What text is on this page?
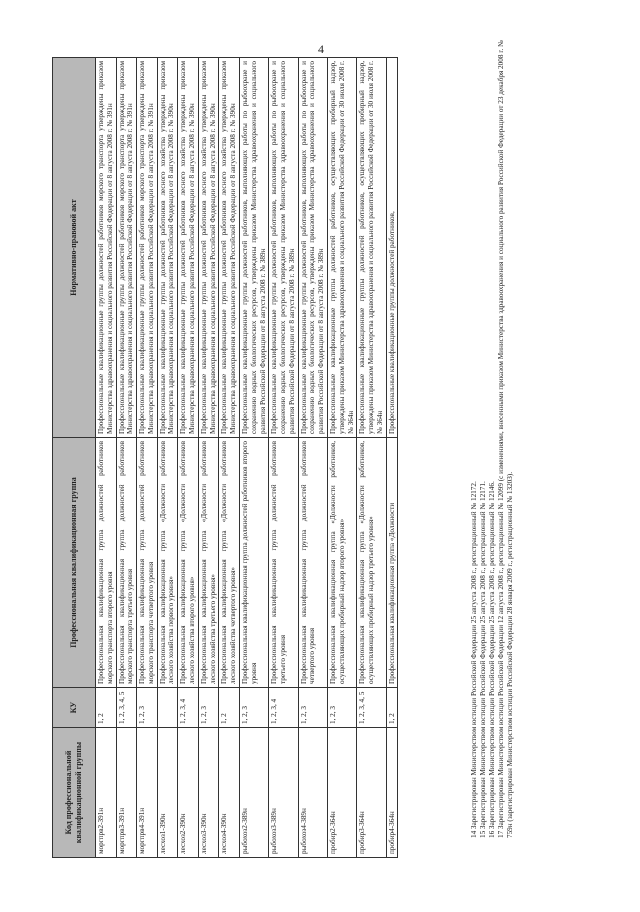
4
Код профессиональной квалификационной группы	КУ	Профессиональная квалификационная группа	Нормативно-правовой акт
моргпрв2-391н	1, 2	Профессиональная квалификационная группа должностей работников морского транспорта второго уровня	Профессиональные квалификационные группы должностей работников морского транспорта утверждены приказом Министерства здравоохранения и социального развития Российской Федерации от 8 августа 2008 г. № 391н
моргпрв3-391н	1, 2, 3, 4, 5	Профессиональная квалификационная группа должностей работников морского транспорта третьего уровня	Профессиональные квалификационные группы должностей работников морского транспорта утверждены приказом Министерства здравоохранения и социального развития Российской Федерации от 8 августа 2008 г. № 391н
моргпрв4-391н	1, 2, 3	Профессиональная квалификационная группа должностей работников морского транспорта четвертого уровня	Профессиональные квалификационные группы должностей работников морского транспорта утверждены приказом Министерства здравоохранения и социального развития Российской Федерации от 8 августа 2008 г. № 391н
лесхоз1-390н		Профессиональная квалификационная группа «Должности работников лесного хозяйства первого уровня»	Профессиональные квалификационные группы должностей работников лесного хозяйства утверждены приказом Министерства здравоохранения и социального развития Российской Федерации от 8 августа 2008 г. № 390н
лесхоз2-390н	1, 2, 3, 4	Профессиональная квалификационная группа «Должности работников лесного хозяйства второго уровня»	Профессиональные квалификационные группы должностей работников лесного хозяйства утверждены приказом Министерства здравоохранения и социального развития Российской Федерации от 8 августа 2008 г. № 390н
лесхоз3-390н	1, 2, 3	Профессиональная квалификационная группа «Должности работников лесного хозяйства третьего уровня»	Профессиональные квалификационные группы должностей работников лесного хозяйства утверждены приказом Министерства здравоохранения и социального развития Российской Федерации от 8 августа 2008 г. № 390н
лесхоз4-390н	1, 2	Профессиональная квалификационная группа «Должности работников лесного хозяйства четвертого уровня»	Профессиональные квалификационные группы должностей работников лесного хозяйства утверждены приказом Министерства здравоохранения и социального развития Российской Федерации от 8 августа 2008 г. № 390н
рыбохоз2-389н	1, 2, 3	Профессиональная квалификационная группа должностей работников второго уровня	Профессиональные квалификационные группы должностей работников, выполняющих работы по рыбоохране и сохранению водных биологических ресурсов, утверждены приказом Министерства здравоохранения и социального развития Российской Федерации от 8 августа 2008 г. № 389н
рыбохоз3-389н	1, 2, 3, 4	Профессиональная квалификационная группа должностей работников третьего уровня	Профессиональные квалификационные группы должностей работников, выполняющих работы по рыбоохране и сохранению водных биологических ресурсов, утверждены приказом Министерства здравоохранения и социального развития Российской Федерации от 8 августа 2008 г. № 389н
рыбохоз4-389н	1, 2, 3	Профессиональная квалификационная группа должностей работников четвертого уровня	Профессиональные квалификационные группы должностей работников, выполняющих работы по рыбоохране и сохранению водных биологических ресурсов, утверждены приказом Министерства здравоохранения и социального развития Российской Федерации от 8 августа 2008 г. № 389н
пробир2-364н	1, 2, 3	Профессиональная квалификационная группа «Должности работников, осуществляющих пробирный надзор второго уровня»	Профессиональные квалификационные группы должностей работников, осуществляющих пробирный надзор, утверждены приказом Министерства здравоохранения и социального развития Российской Федерации от 30 июля 2008 г. № 364н
пробир3-364н	1, 2, 3, 4, 5	Профессиональная квалификационная группа «Должности работников, осуществляющих пробирный надзор третьего уровня»	Профессиональные квалификационные группы должностей работников, осуществляющих пробирный надзор, утверждены приказом Министерства здравоохранения и социального развития Российской Федерации от 30 июля 2008 г. № 364н
пробир4-364н	1, 2	Профессиональная квалификационная группа «Должности	Профессиональные квалификационные группы должностей работников,
14 Зарегистрирован Министерством юстиции Российской Федерации 25 августа 2008 г., регистрационный № 12172. 15 Зарегистрирован Министерством юстиции Российской Федерации 25 августа 2008 г., регистрационный № 12171. 16 Зарегистрирован Министерством юстиции Российской Федерации 25 августа 2008 г., регистрационный № 12146. 17 Зарегистрирован Министерством юстиции Российской Федерации 12 августа 2008 г., регистрационный № 12099 (с изменениями, внесенными приказом Министерства здравоохранения и социального развития Российской Федерации от 23 декабря 2008 г. № 759н (зарегистрирован Министерством юстиции Российской Федерации 28 января 2009 г., регистрационный № 13203).
